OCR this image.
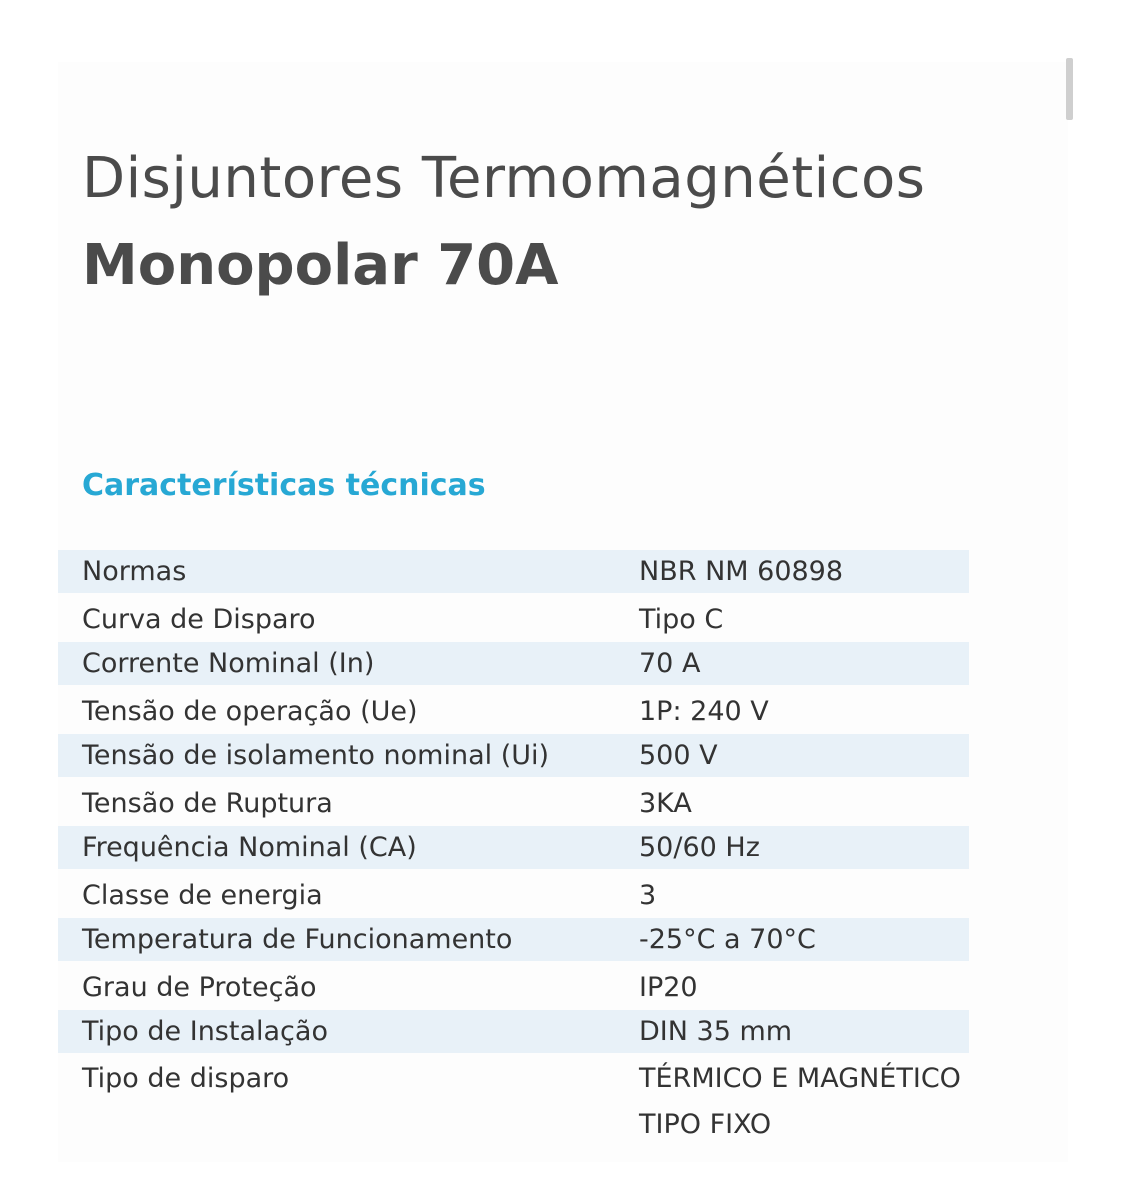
Disjuntores Termomagnéticos
Monopolar 70A
Características técnicas
Normas	NBR NM 60898
Curva de Disparo	Tipo C
Corrente Nominal (In)	70 A
Tensão de operação (Ue)	1P: 240 V
Tensão de isolamento nominal (Ui)	500 V
Tensão de Ruptura	3KA
Frequência Nominal (CA)	50/60 Hz
Classe de energia	3
Temperatura de Funcionamento	-25°C a 70°C
Grau de Proteção	IP20
Tipo de Instalação	DIN 35 mm
Tipo de disparo	TÉRMICO E MAGNÉTICO
TIPO FIXO
